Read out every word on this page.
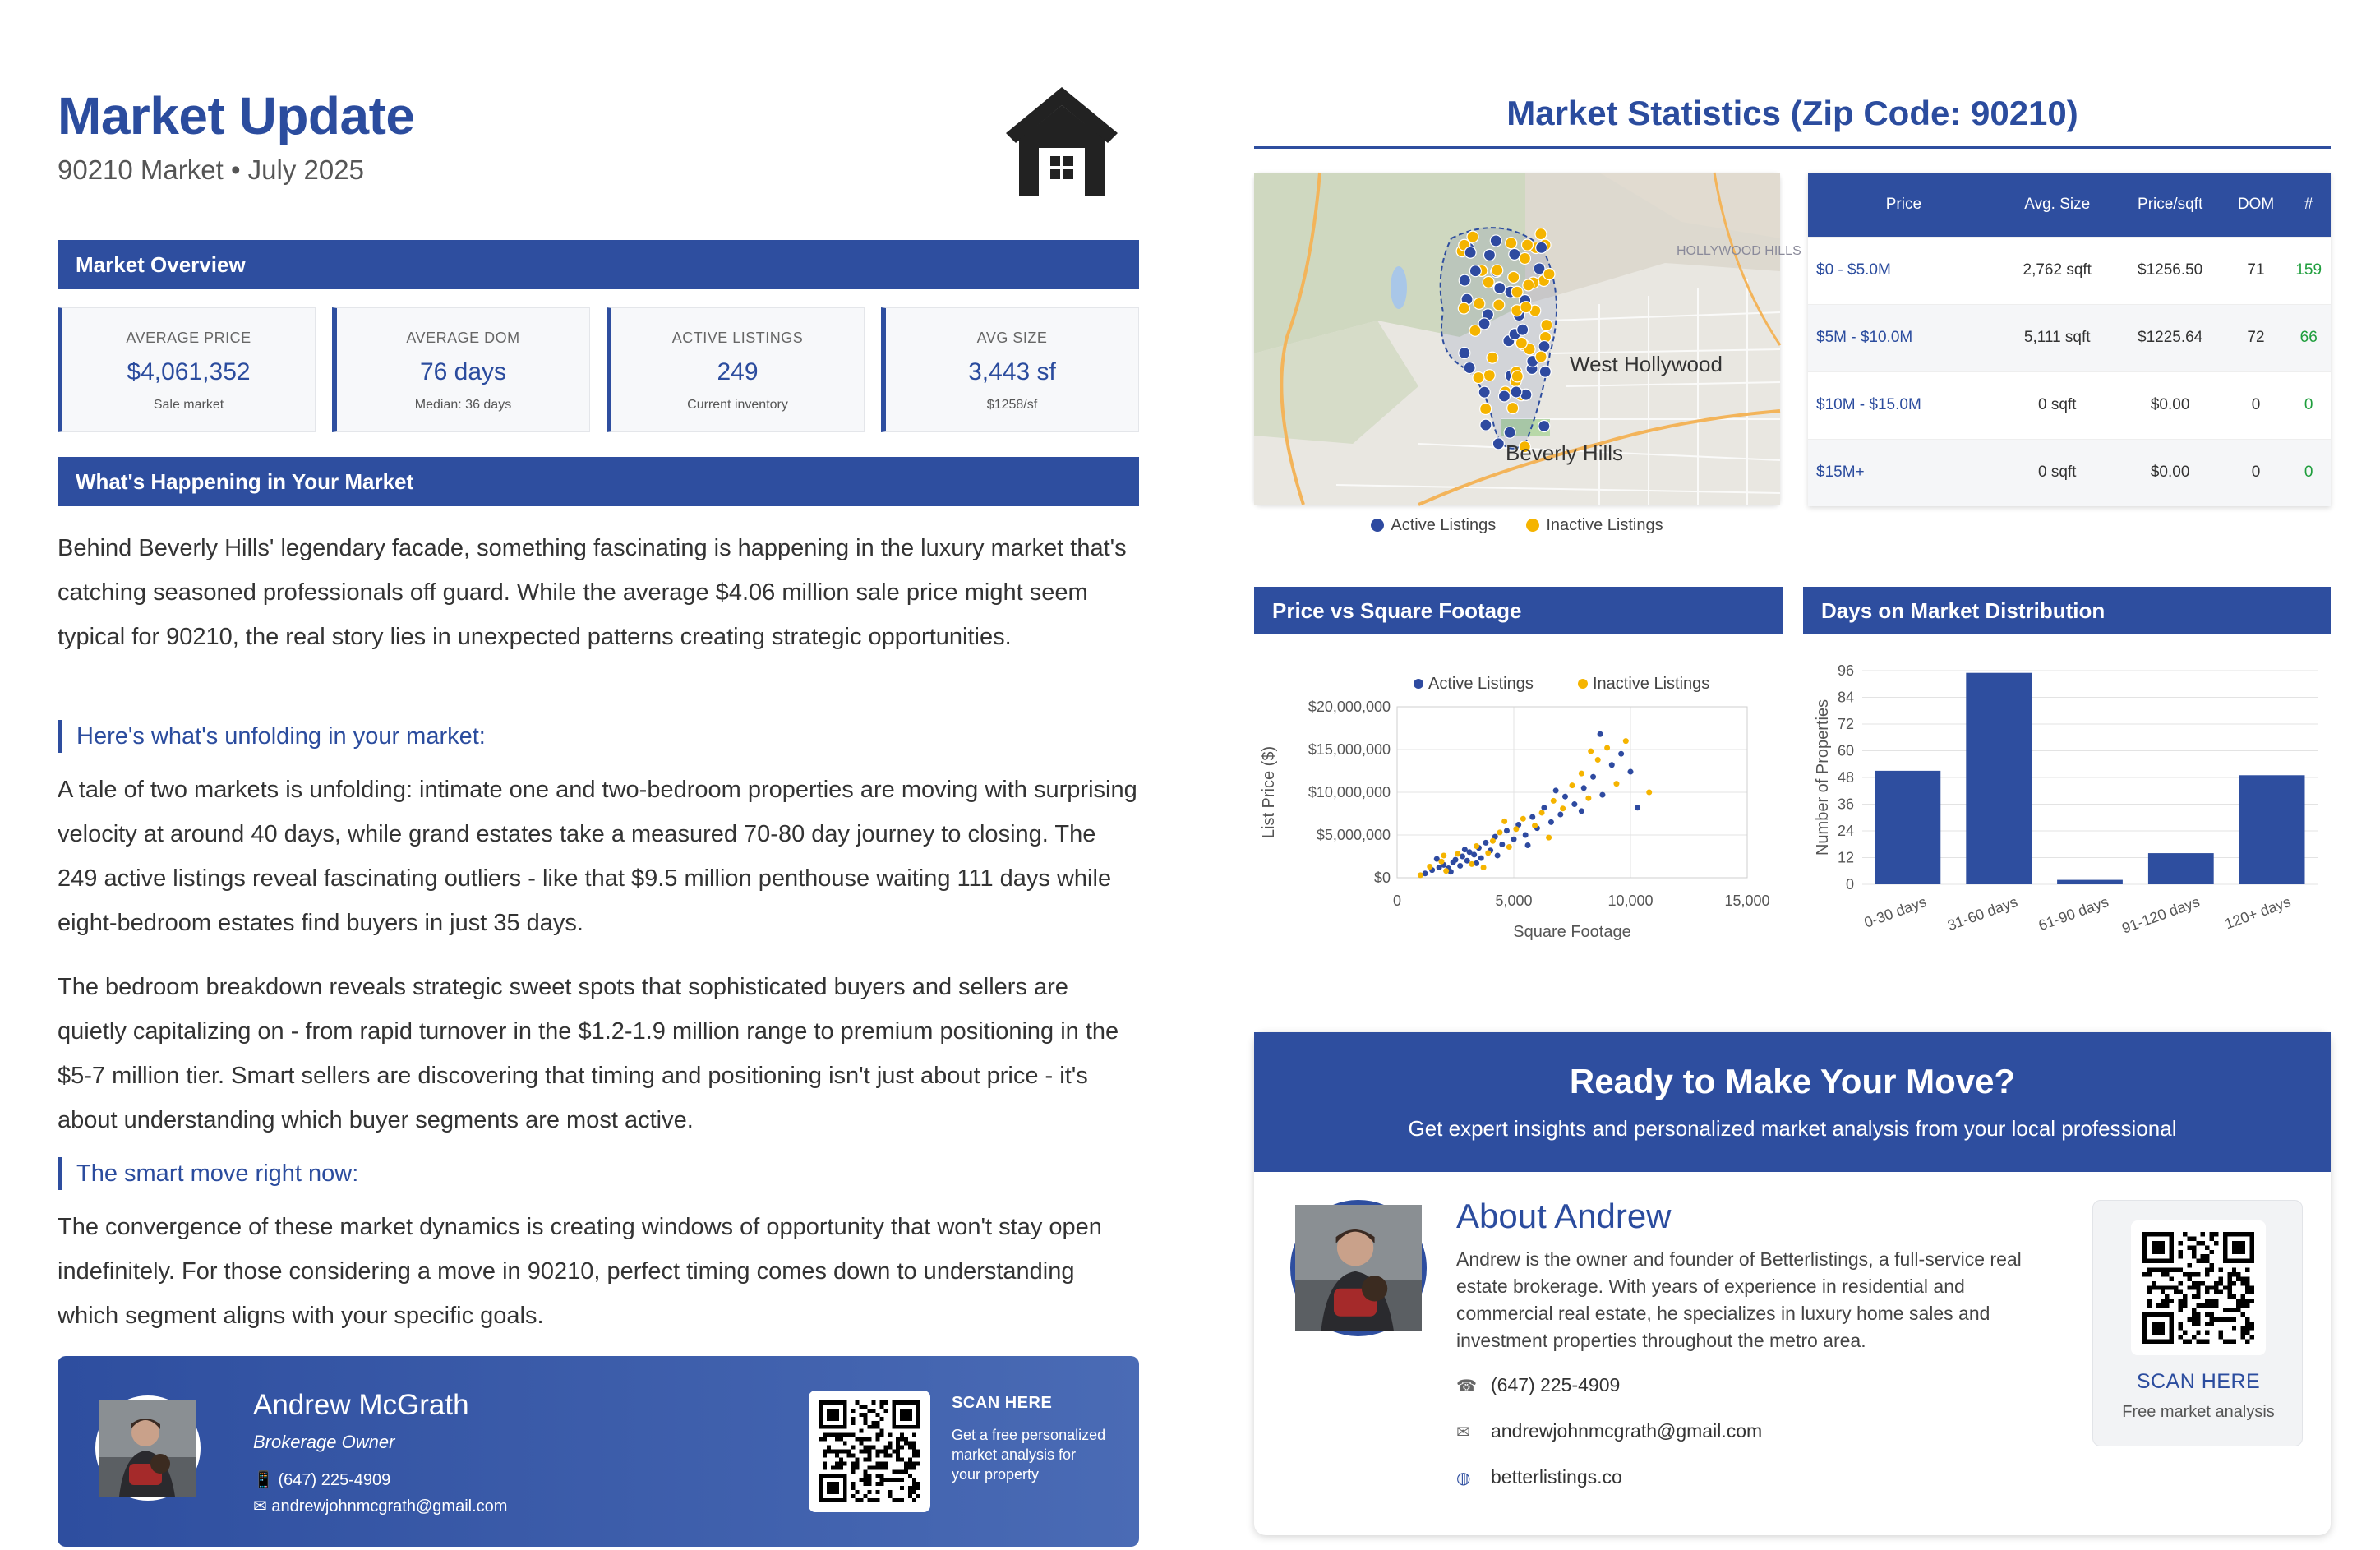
Market Update
90210 Market • July 2025
Market Overview
AVERAGE PRICE
$4,061,352
Sale market
AVERAGE DOM
76 days
Median: 36 days
ACTIVE LISTINGS
249
Current inventory
AVG SIZE
3,443 sf
$1258/sf
What's Happening in Your Market
Behind Beverly Hills' legendary facade, something fascinating is happening in the luxury market that's catching seasoned professionals off guard. While the average $4.06 million sale price might seem typical for 90210, the real story lies in unexpected patterns creating strategic opportunities.
Here's what's unfolding in your market:
A tale of two markets is unfolding: intimate one and two-bedroom properties are moving with surprising velocity at around 40 days, while grand estates take a measured 70-80 day journey to closing. The 249 active listings reveal fascinating outliers - like that $9.5 million penthouse waiting 111 days while eight-bedroom estates find buyers in just 35 days.
The bedroom breakdown reveals strategic sweet spots that sophisticated buyers and sellers are quietly capitalizing on - from rapid turnover in the $1.2-1.9 million range to premium positioning in the $5-7 million tier. Smart sellers are discovering that timing and positioning isn't just about price - it's about understanding which buyer segments are most active.
The smart move right now:
The convergence of these market dynamics is creating windows of opportunity that won't stay open indefinitely. For those considering a move in 90210, perfect timing comes down to understanding which segment aligns with your specific goals.
Andrew McGrath
Brokerage Owner
📱 (647) 225-4909
✉ andrewjohnmcgrath@gmail.com
SCAN HERE
Get a free personalized market analysis for your property
Market Statistics (Zip Code: 90210)
HOLLYWOOD HILLS
West Hollywood
Beverly Hills
Active Listings	Inactive Listings
Price	Avg. Size	Price/sqft	DOM	#
$0 - $5.0M	2,762 sqft	$1256.50	71	159
$5M - $10.0M	5,111 sqft	$1225.64	72	66
$10M - $15.0M	0 sqft	$0.00	0	0
$15M+	0 sqft	$0.00	0	0
Price vs Square Footage	Days on Market Distribution
$0
$5,000,000
$10,000,000
$15,000,000
$20,000,000
0	5,000	10,000	15,000
Square Footage
List Price ($)
Active Listings	Inactive Listings
0
12
24
36
48
60
72
84
96
Number of Properties
0-30 days 31-60 days 61-90 days 91-120 days 120+ days
Ready to Make Your Move?
Get expert insights and personalized market analysis from your local professional
About Andrew
Andrew is the owner and founder of Betterlistings, a full-service real estate brokerage. With years of experience in residential and commercial real estate, he specializes in luxury home sales and investment properties throughout the metro area.
☎ (647) 225-4909
✉ andrewjohnmcgrath@gmail.com
◍ betterlistings.co
SCAN HERE
Free market analysis
